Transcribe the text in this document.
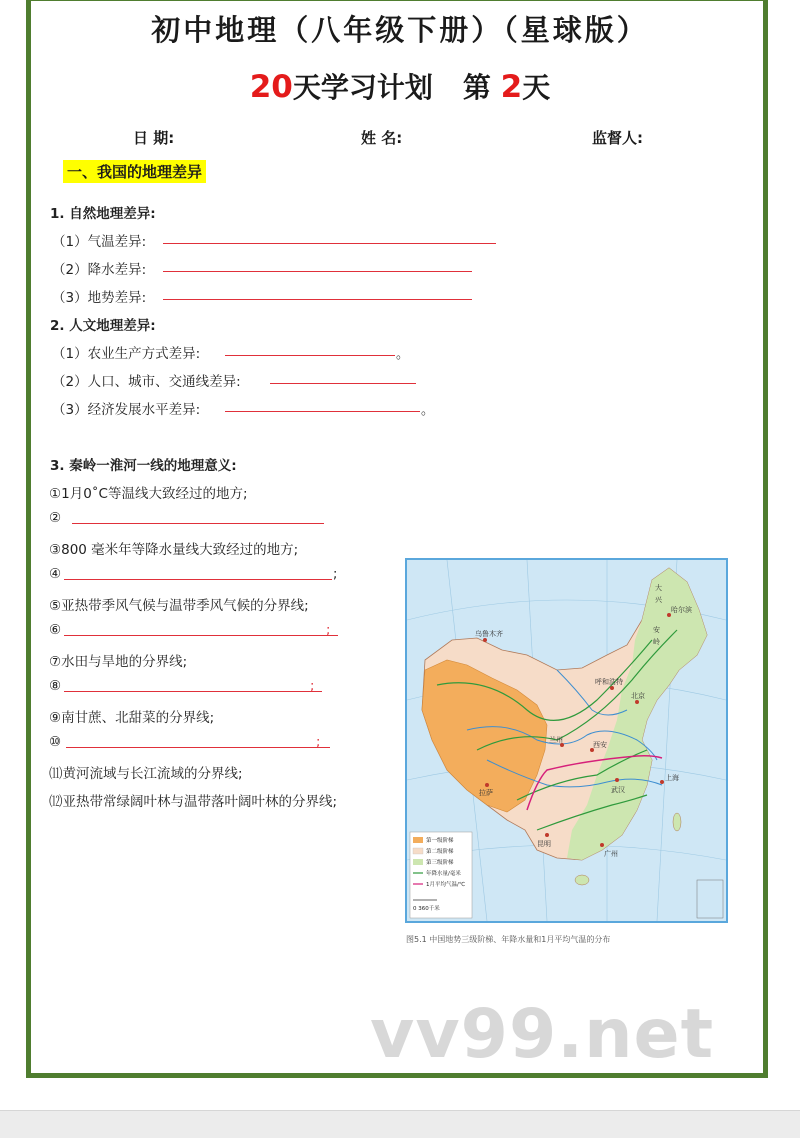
初中地理（八年级下册）（星球版）
20天学习计划 第 2天
日 期:	姓 名:	监督人:
一、我国的地理差异
1. 自然地理差异:
（1）气温差异:
（2）降水差异:
（3）地势差异:
2. 人文地理差异:
（1）农业生产方式差异:	。
（2）人口、城市、交通线差异:
（3）经济发展水平差异:	。
3. 秦岭一淮河一线的地理意义:
①1月0˚C等温线大致经过的地方;
②
③800 毫米年等降水量线大致经过的地方;
④	;
⑤亚热带季风气候与温带季风气候的分界线;
⑥	;
⑦水田与旱地的分界线;
⑧	;
⑨南甘蔗、北甜菜的分界线;
⑩	;
⑾黄河流域与长江流域的分界线;
⑿亚热带常绿阔叶林与温带落叶阔叶林的分界线;
乌鲁木齐
哈尔滨
呼和浩特
北京
兰州
西安
拉萨	武汉
上海
昆明
广州
大
兴
安
岭
第一级阶梯
第二级阶梯
第三级阶梯
年降水量/毫米
1月平均气温/℃
0 360千米
图5.1 中国地势三级阶梯、年降水量和1月平均气温的分布
vv99.net
